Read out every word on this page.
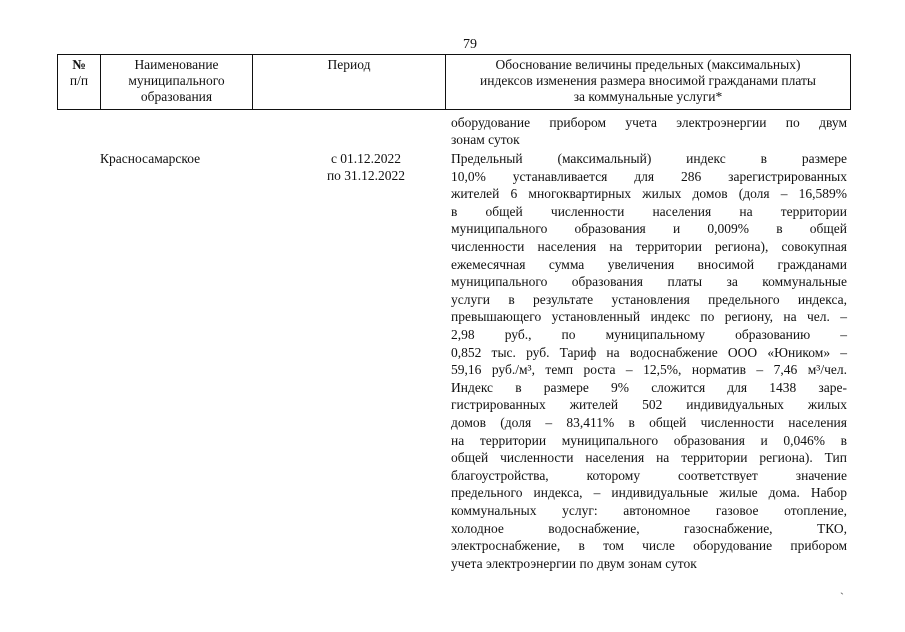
79
№
п/п
Наименование
муниципального
образования
Период	Обоснование величины предельных (максимальных)
индексов изменения размера вносимой гражданами платы
за коммунальные услуги*
оборудование прибором учета электроэнергии по двум
зонам суток
Красносамарское	с 01.12.2022
по 31.12.2022
Предельный (максимальный) индекс в размере
10,0% устанавливается для 286 зарегистрированных
жителей 6 многоквартирных жилых домов (доля – 16,589%
в общей численности населения на территории
муниципального образования и 0,009% в общей
численности населения на территории региона), совокупная
ежемесячная сумма увеличения вносимой гражданами
муниципального образования платы за коммунальные
услуги в результате установления предельного индекса,
превышающего установленный индекс по региону, на чел. –
2,98 руб., по муниципальному образованию –
0,852 тыс. руб. Тариф на водоснабжение ООО «Юником» –
59,16 руб./м³, темп роста – 12,5%, норматив – 7,46 м³/чел.
Индекс в размере 9% сложится для 1438 заре-
гистрированных жителей 502 индивидуальных жилых
домов (доля – 83,411% в общей численности населения
на территории муниципального образования и 0,046% в
общей численности населения на территории региона). Тип
благоустройства, которому соответствует значение
предельного индекса, – индивидуальные жилые дома. Набор
коммунальных услуг: автономное газовое отопление,
холодное водоснабжение, газоснабжение, ТКО,
электроснабжение, в том числе оборудование прибором
учета электроэнергии по двум зонам суток
`
